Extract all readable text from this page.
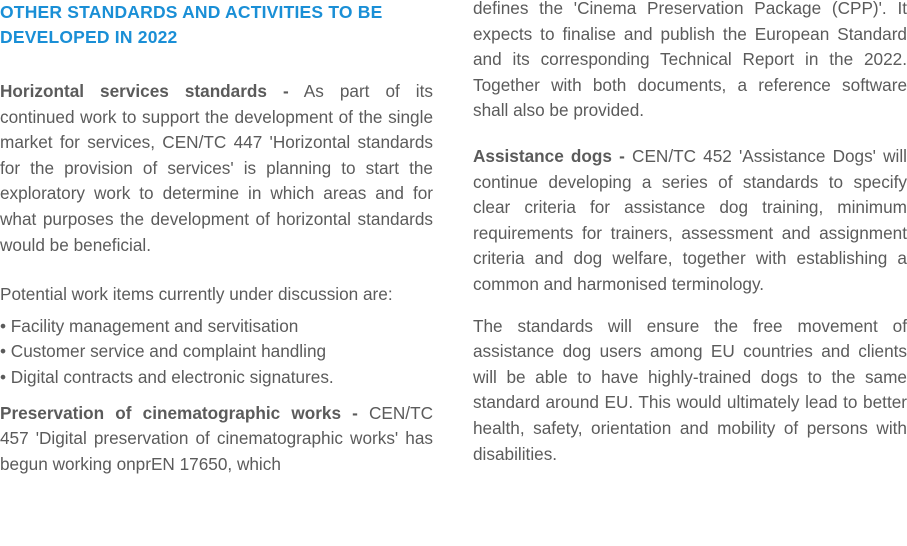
OTHER STANDARDS AND ACTIVITIES TO BE DEVELOPED IN 2022

Horizontal services standards - As part of its continued work to support the development of the single market for services, CEN/TC 447 'Horizontal standards for the provision of services' is planning to start the exploratory work to determine in which areas and for what purposes the development of horizontal standards would be beneficial.

Potential work items currently under discussion are:

• Facility management and servitisation
• Customer service and complaint handling
• Digital contracts and electronic signatures.

Preservation of cinematographic works - CEN/TC 457 'Digital preservation of cinematographic works' has begun working onprEN 17650, which

defines the 'Cinema Preservation Package (CPP)'. It expects to finalise and publish the European Standard and its corresponding Technical Report in the 2022. Together with both documents, a reference software shall also be provided.

Assistance dogs - CEN/TC 452 'Assistance Dogs' will continue developing a series of standards to specify clear criteria for assistance dog training, minimum requirements for trainers, assessment and assignment criteria and dog welfare, together with establishing a common and harmonised terminology.

The standards will ensure the free movement of assistance dog users among EU countries and clients will be able to have highly-trained dogs to the same standard around EU. This would ultimately lead to better health, safety, orientation and mobility of persons with disabilities.
